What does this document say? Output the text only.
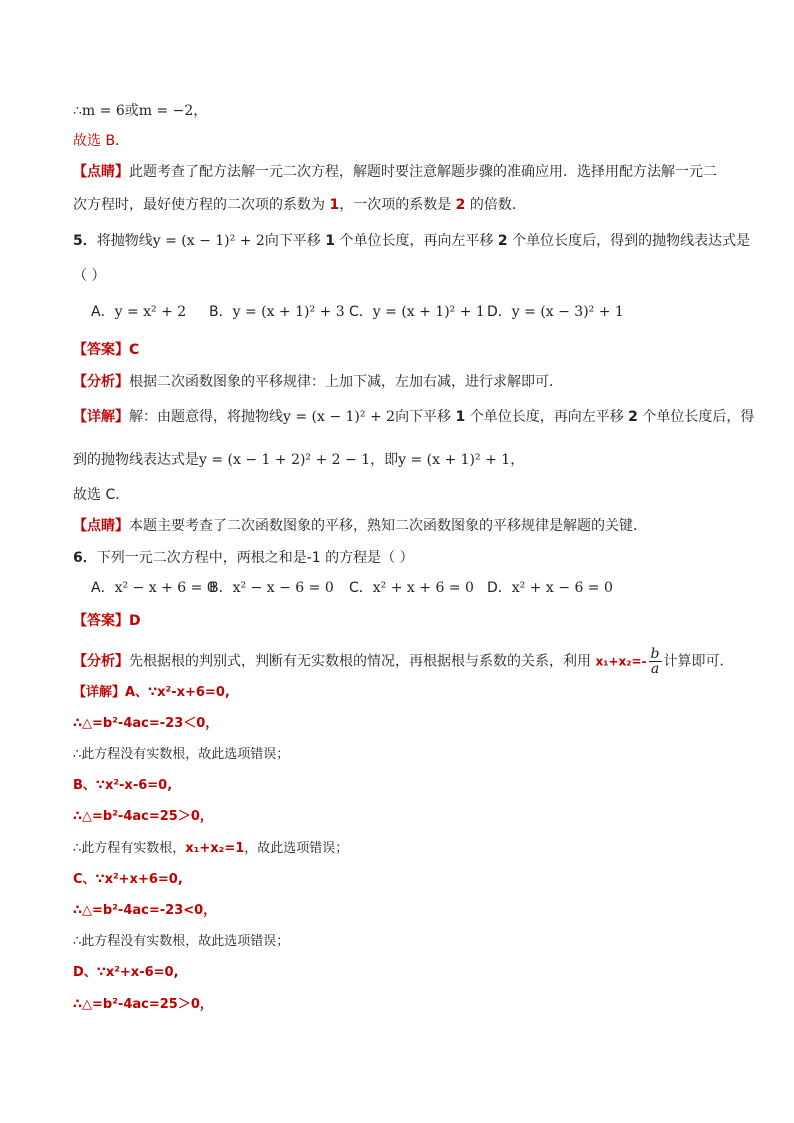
∴m = 6或m = −2，
故选 B．
【点睛】此题考查了配方法解一元二次方程，解题时要注意解题步骤的准确应用．选择用配方法解一元二
次方程时，最好使方程的二次项的系数为 1，一次项的系数是 2 的倍数．
5．将抛物线y = (x − 1)² + 2向下平移 1 个单位长度，再向左平移 2 个单位长度后，得到的抛物线表达式是
（ ）
A．y = x² + 2 B．y = (x + 1)² + 3 C．y = (x + 1)² + 1 D．y = (x − 3)² + 1
【答案】C
【分析】根据二次函数图象的平移规律：上加下减，左加右减，进行求解即可．
【详解】解：由题意得，将抛物线y = (x − 1)² + 2向下平移 1 个单位长度，再向左平移 2 个单位长度后，得
到的抛物线表达式是y = (x − 1 + 2)² + 2 − 1，即y = (x + 1)² + 1，
故选 C．
【点睛】本题主要考查了二次函数图象的平移，熟知二次函数图象的平移规律是解题的关键．
6．下列一元二次方程中，两根之和是-1 的方程是（ ）
A．x² − x + 6 = 0
B．x² − x − 6 = 0 C．x² + x + 6 = 0 D．x² + x − 6 = 0
【答案】D
【分析】先根据根的判别式，判断有无实数根的情况，再根据根与系数的关系，利用 $x_1+x_2=- \frac{b}{a}$ 计算即可．
【详解】A、∵x²-x+6=0,
∴△=b²-4ac=-23＜0，
∴此方程没有实数根，故此选项错误；
B、∵x²-x-6=0,
∴△=b²-4ac=25＞0，
∴此方程有实数根，x₁+x₂=1，故此选项错误；
C、∵x²+x+6=0,
∴△=b²-4ac=-23<0，
∴此方程没有实数根，故此选项错误；
D、∵x²+x-6=0,
∴△=b²-4ac=25＞0，
